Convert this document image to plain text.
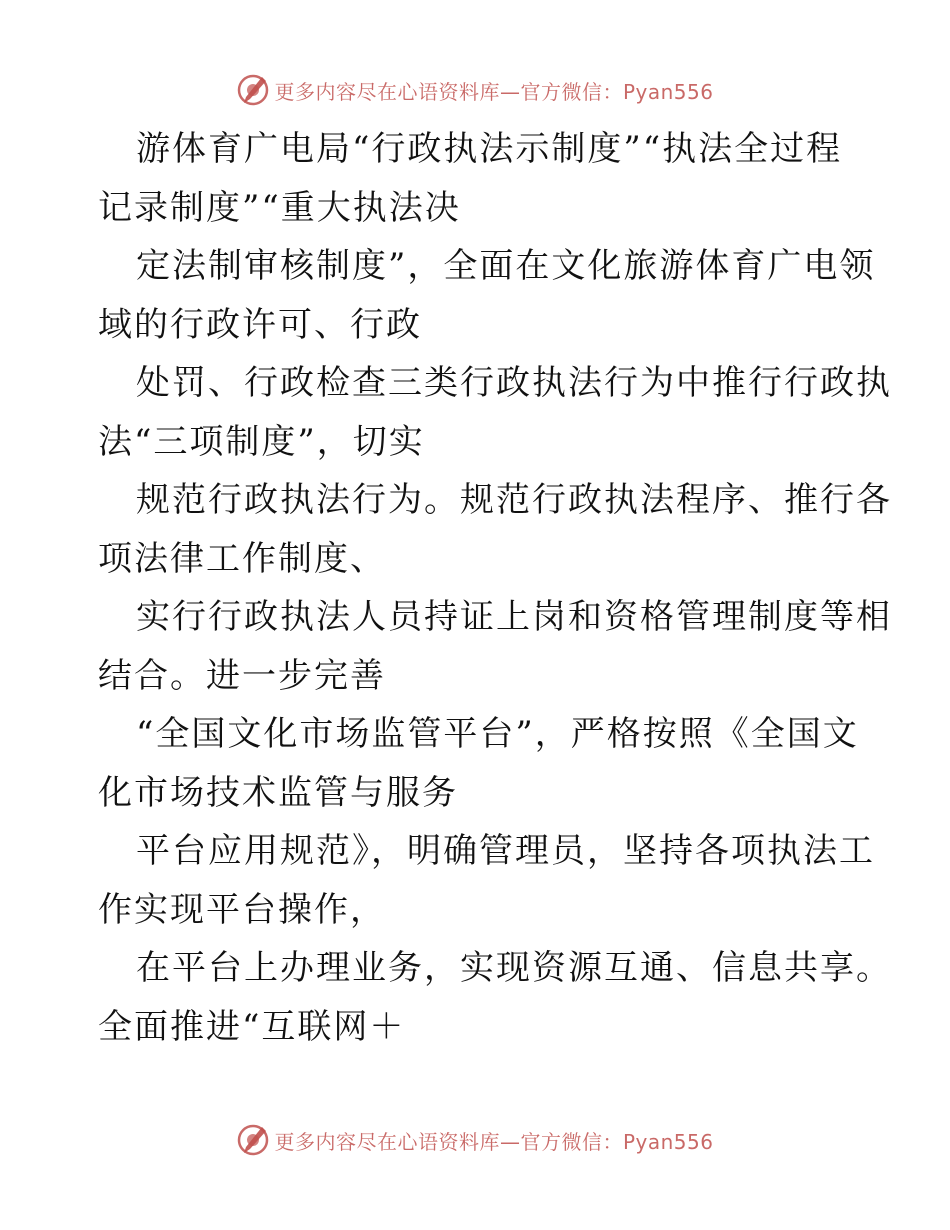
更多内容尽在心语资料库—官方微信：Pyan556
游体育广电局“行政执法示制度”“执法全过程
记录制度”“重大执法决
定法制审核制度”，全面在文化旅游体育广电领
域的行政许可、行政
处罚、行政检查三类行政执法行为中推行行政执
法“三项制度”，切实
规范行政执法行为。规范行政执法程序、推行各
项法律工作制度、
实行行政执法人员持证上岗和资格管理制度等相
结合。进一步完善
“全国文化市场监管平台”，严格按照《全国文
化市场技术监管与服务
平台应用规范》，明确管理员，坚持各项执法工
作实现平台操作，
在平台上办理业务，实现资源互通、信息共享。
全面推进“互联网＋
更多内容尽在心语资料库—官方微信：Pyan556
